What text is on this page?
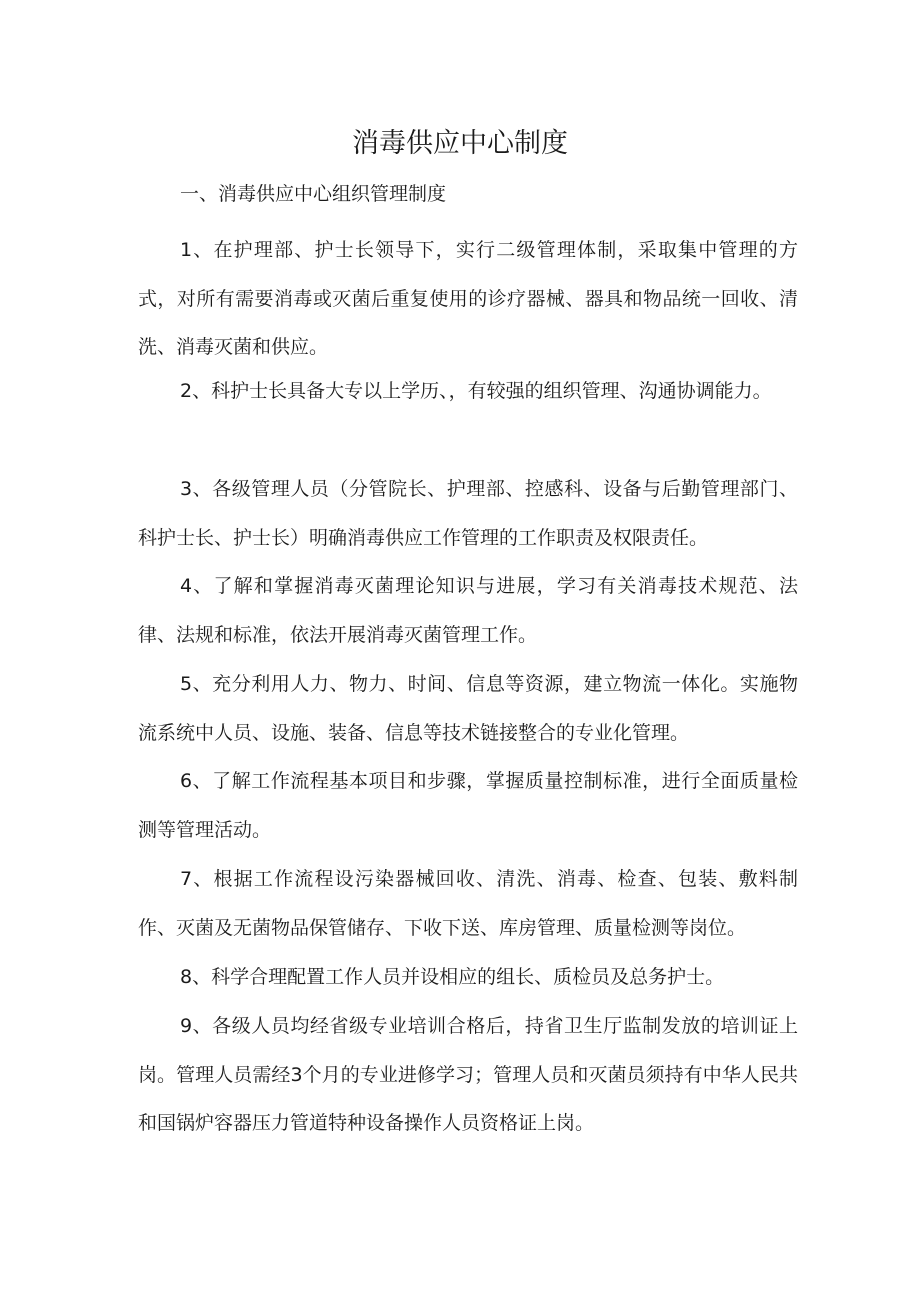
消毒供应中心制度
一、消毒供应中心组织管理制度

1、在护理部、护士长领导下，实行二级管理体制，采取集中管理的方式，对所有需要消毒或灭菌后重复使用的诊疗器械、器具和物品统一回收、清洗、消毒灭菌和供应。

2、科护士长具备大专以上学历、，有较强的组织管理、沟通协调能力。

3、各级管理人员（分管院长、护理部、控感科、设备与后勤管理部门、科护士长、护士长）明确消毒供应工作管理的工作职责及权限责任。

4、了解和掌握消毒灭菌理论知识与进展，学习有关消毒技术规范、法律、法规和标准，依法开展消毒灭菌管理工作。

5、充分利用人力、物力、时间、信息等资源，建立物流一体化。实施物流系统中人员、设施、装备、信息等技术链接整合的专业化管理。

6、了解工作流程基本项目和步骤，掌握质量控制标准，进行全面质量检测等管理活动。

7、根据工作流程设污染器械回收、清洗、消毒、检查、包装、敷料制作、灭菌及无菌物品保管储存、下收下送、库房管理、质量检测等岗位。

8、科学合理配置工作人员并设相应的组长、质检员及总务护士。

9、各级人员均经省级专业培训合格后，持省卫生厅监制发放的培训证上岗。管理人员需经3个月的专业进修学习；管理人员和灭菌员须持有中华人民共和国锅炉容器压力管道特种设备操作人员资格证上岗。
